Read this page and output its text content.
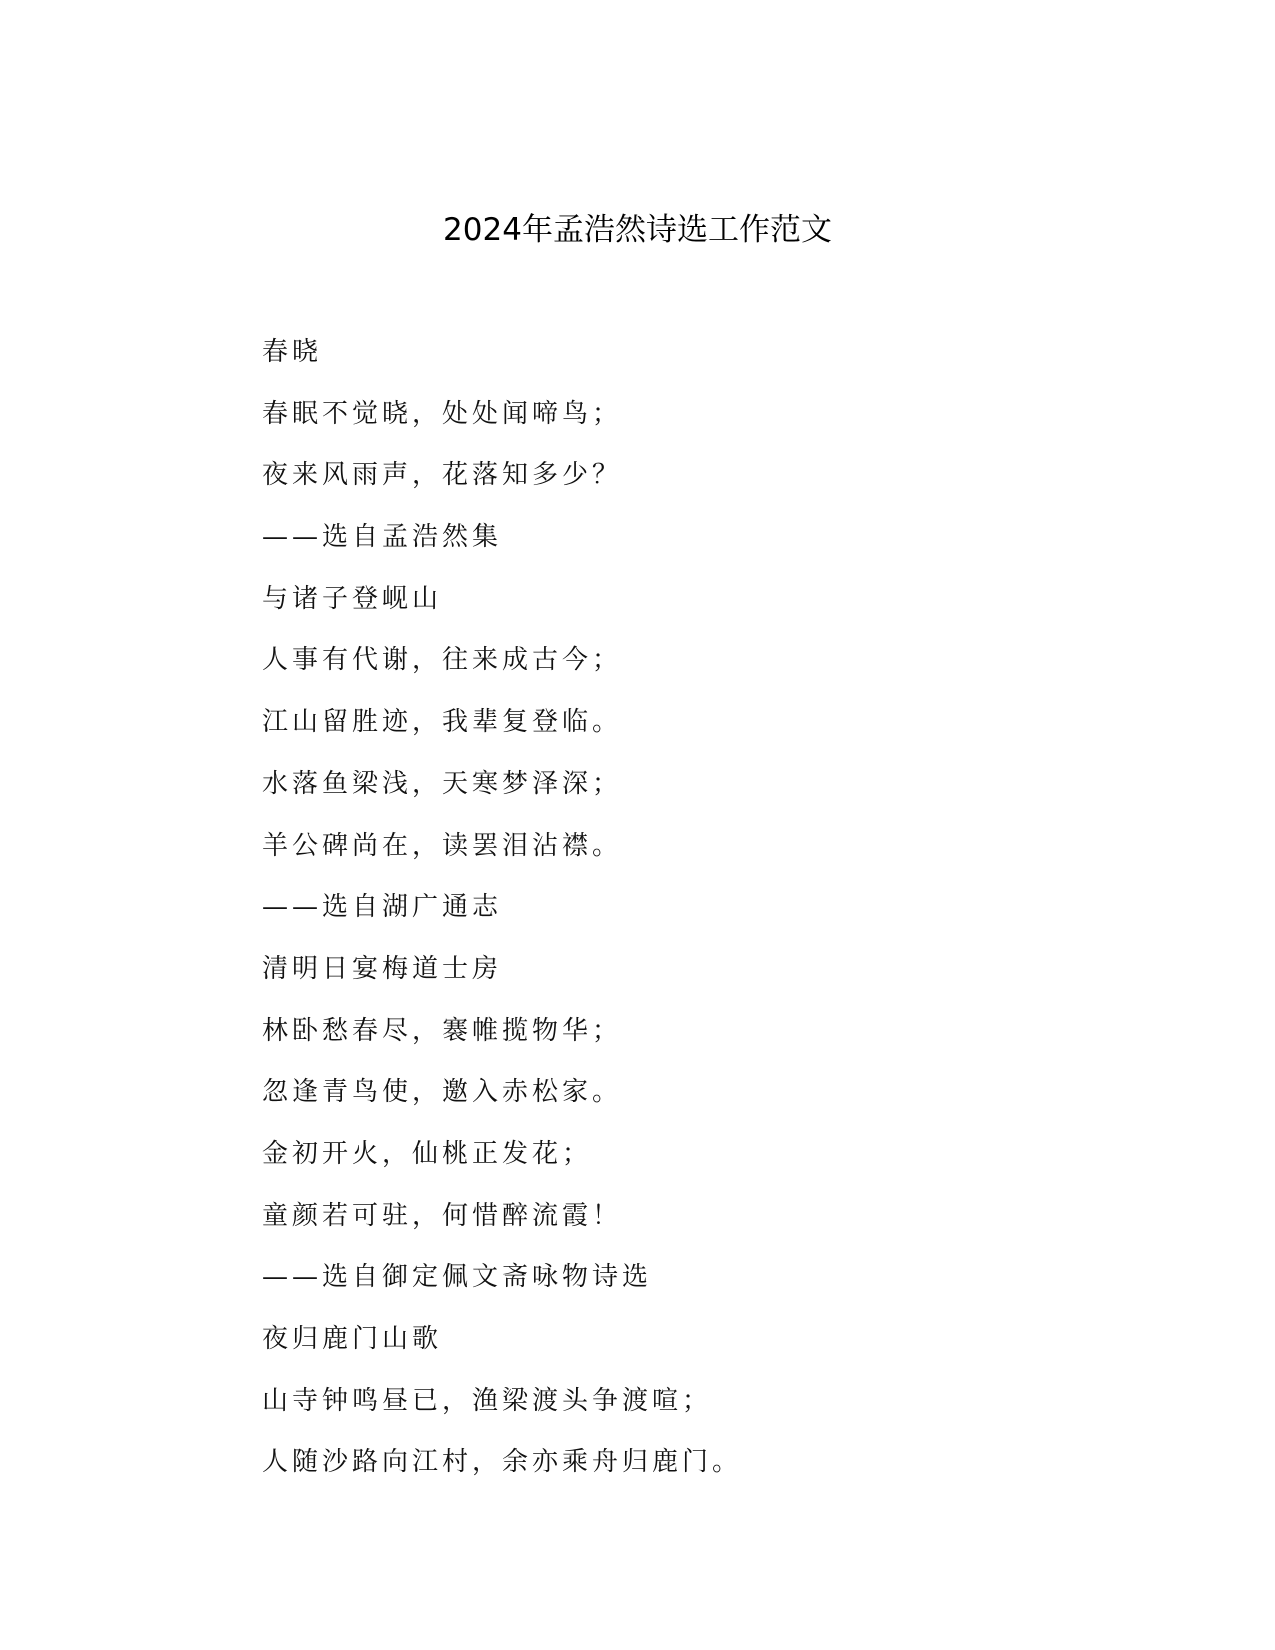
2024年孟浩然诗选工作范文
春晓
春眠不觉晓，处处闻啼鸟；
夜来风雨声，花落知多少？
——选自孟浩然集
与诸子登岘山
人事有代谢，往来成古今；
江山留胜迹，我辈复登临。
水落鱼梁浅，天寒梦泽深；
羊公碑尚在，读罢泪沾襟。
——选自湖广通志
清明日宴梅道士房
林卧愁春尽，褰帷揽物华；
忽逢青鸟使，邀入赤松家。
金初开火，仙桃正发花；
童颜若可驻，何惜醉流霞！
——选自御定佩文斋咏物诗选
夜归鹿门山歌
山寺钟鸣昼已，渔梁渡头争渡喧；
人随沙路向江村，余亦乘舟归鹿门。
